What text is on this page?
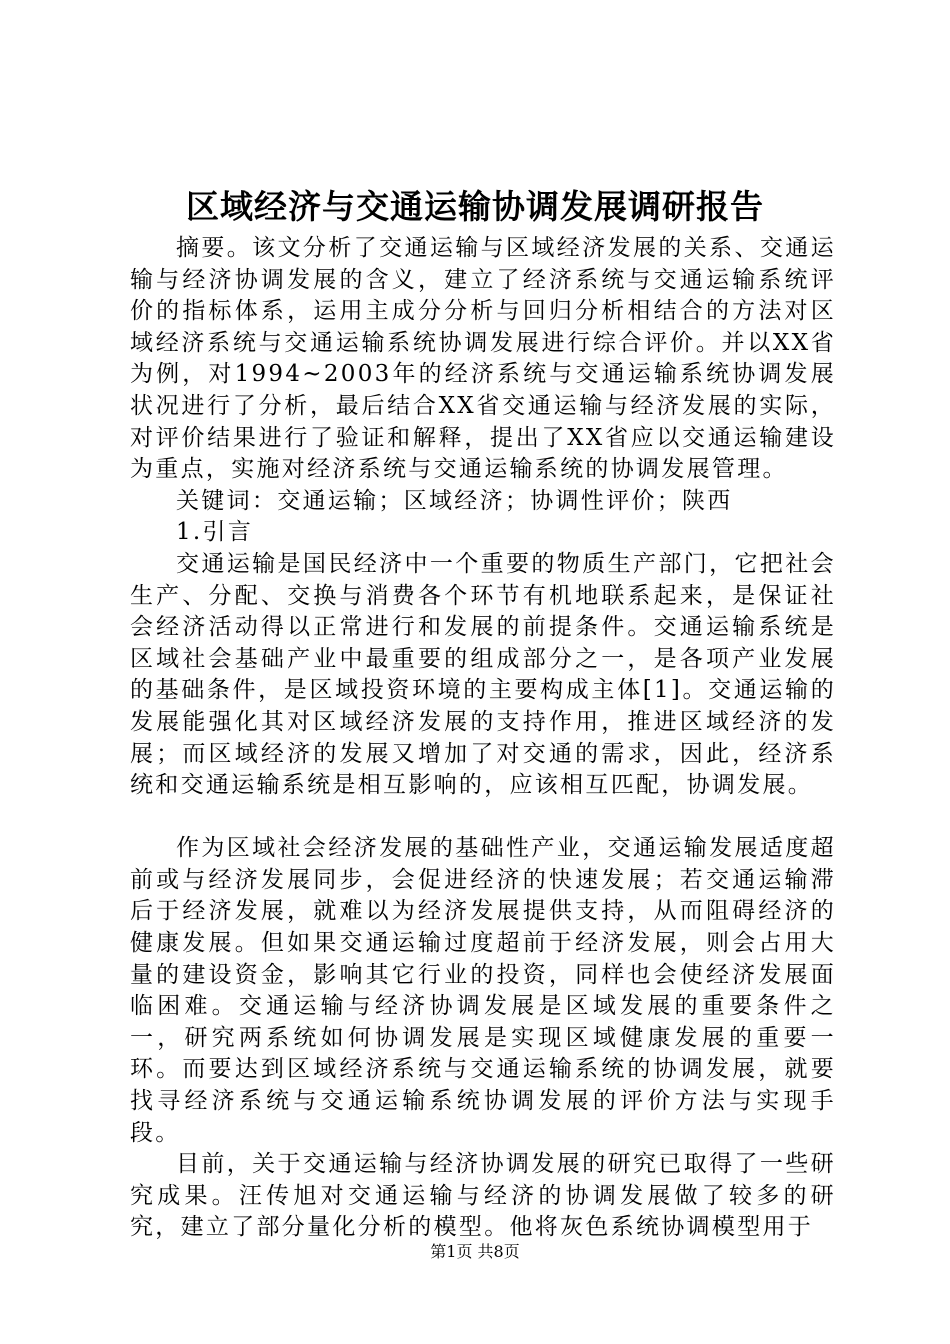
区域经济与交通运输协调发展调研报告

摘要。该文分析了交通运输与区域经济发展的关系、交通运输与经济协调发展的含义，建立了经济系统与交通运输系统评价的指标体系，运用主成分分析与回归分析相结合的方法对区域经济系统与交通运输系统协调发展进行综合评价。并以XX省为例，对1994~2003年的经济系统与交通运输系统协调发展状况进行了分析，最后结合XX省交通运输与经济发展的实际，对评价结果进行了验证和解释，提出了XX省应以交通运输建设为重点，实施对经济系统与交通运输系统的协调发展管理。

关键词：交通运输；区域经济；协调性评价；陕西

1.引言

交通运输是国民经济中一个重要的物质生产部门，它把社会生产、分配、交换与消费各个环节有机地联系起来，是保证社会经济活动得以正常进行和发展的前提条件。交通运输系统是区域社会基础产业中最重要的组成部分之一，是各项产业发展的基础条件，是区域投资环境的主要构成主体[1]。交通运输的发展能强化其对区域经济发展的支持作用，推进区域经济的发展；而区域经济的发展又增加了对交通的需求，因此，经济系统和交通运输系统是相互影响的，应该相互匹配，协调发展。

作为区域社会经济发展的基础性产业，交通运输发展适度超前或与经济发展同步，会促进经济的快速发展；若交通运输滞后于经济发展，就难以为经济发展提供支持，从而阻碍经济的健康发展。但如果交通运输过度超前于经济发展，则会占用大量的建设资金，影响其它行业的投资，同样也会使经济发展面临困难。交通运输与经济协调发展是区域发展的重要条件之一，研究两系统如何协调发展是实现区域健康发展的重要一环。而要达到区域经济系统与交通运输系统的协调发展，就要找寻经济系统与交通运输系统协调发展的评价方法与实现手段。

目前，关于交通运输与经济协调发展的研究已取得了一些研究成果。汪传旭对交通运输与经济的协调发展做了较多的研究，建立了部分量化分析的模型。他将灰色系统协调模型用于

第1页 共8页
